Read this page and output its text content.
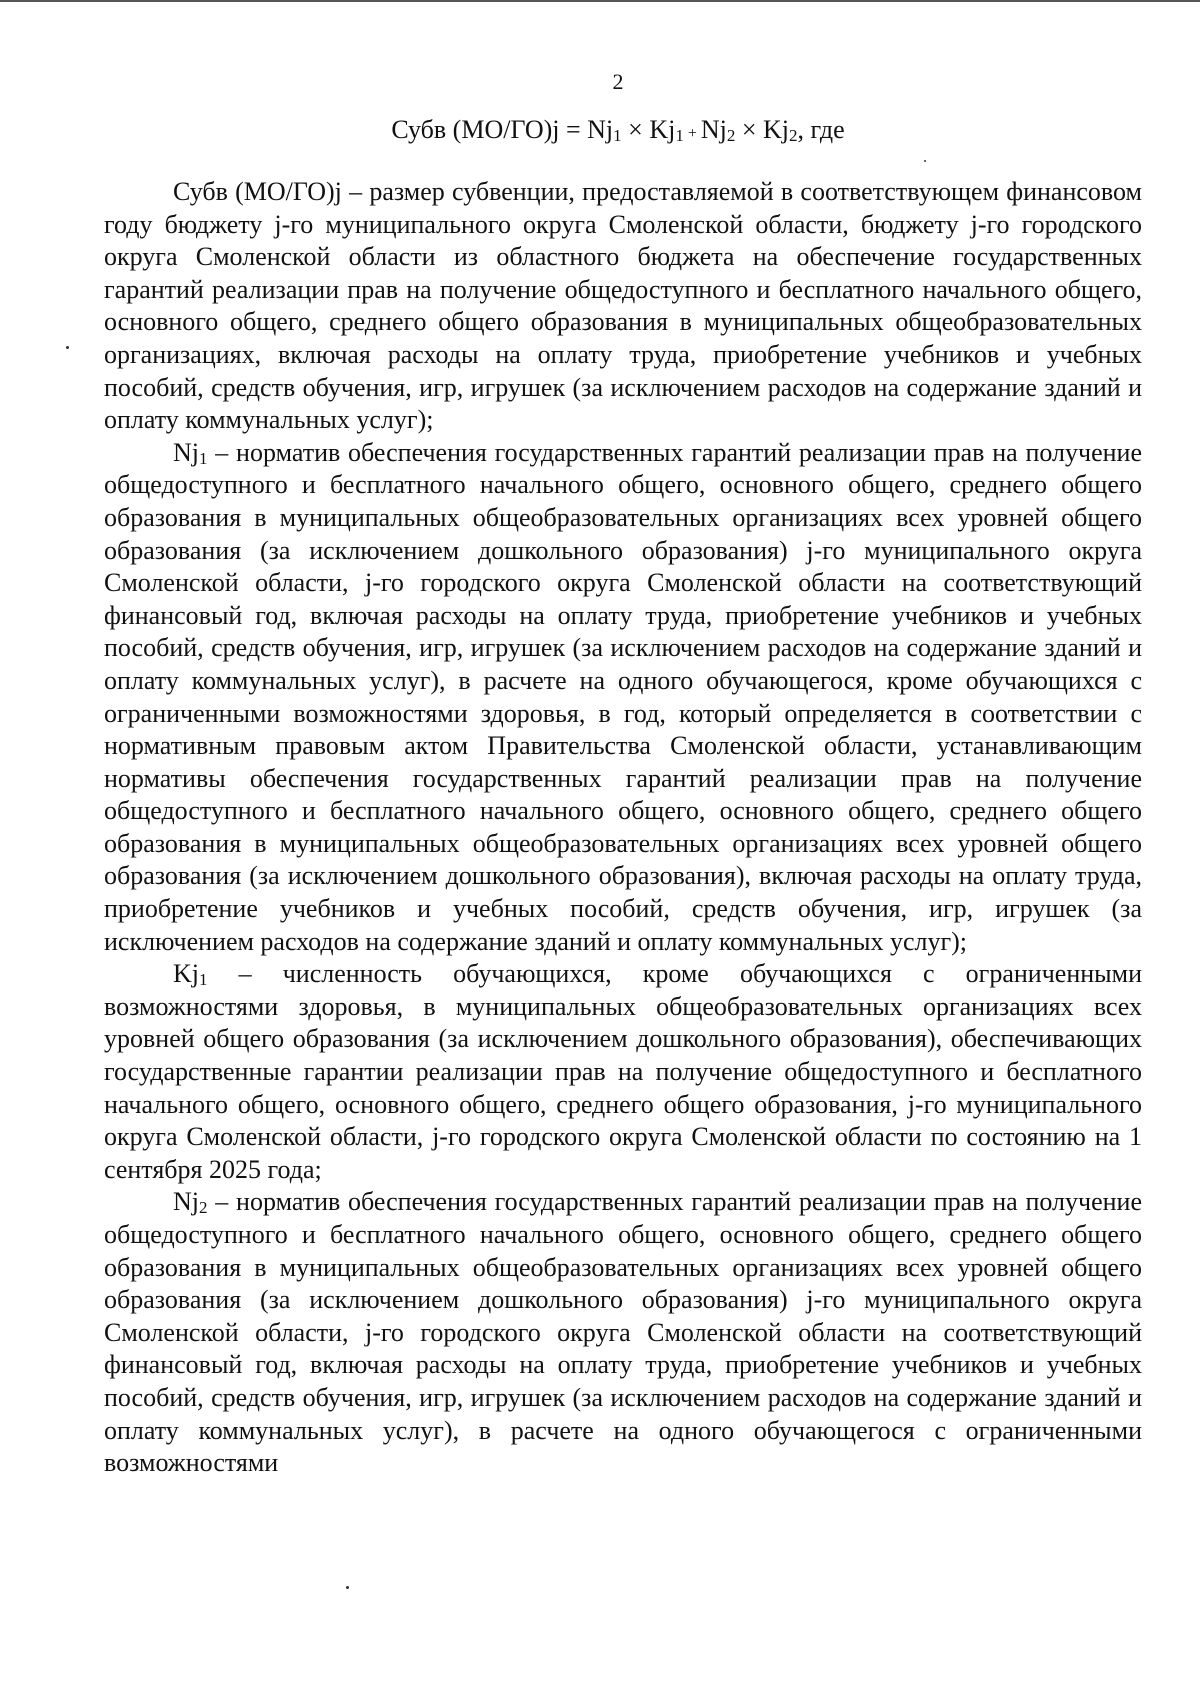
2
Субв $(МО/ГО)j = Nj_1 \times Kj_1 + Nj_2 \times Kj_2$, где

Субв (МО/ГО)j – размер субвенции, предоставляемой в соответствующем финансовом году бюджету j-го муниципального округа Смоленской области, бюджету j-го городского округа Смоленской области из областного бюджета на обеспечение государственных гарантий реализации прав на получение общедоступного и бесплатного начального общего, основного общего, среднего общего образования в муниципальных общеобразовательных организациях, включая расходы на оплату труда, приобретение учебников и учебных пособий, средств обучения, игр, игрушек (за исключением расходов на содержание зданий и оплату коммунальных услуг);

$Nj_1$ – норматив обеспечения государственных гарантий реализации прав на получение общедоступного и бесплатного начального общего, основного общего, среднего общего образования в муниципальных общеобразовательных организациях всех уровней общего образования (за исключением дошкольного образования) j-го муниципального округа Смоленской области, j-го городского округа Смоленской области на соответствующий финансовый год, включая расходы на оплату труда, приобретение учебников и учебных пособий, средств обучения, игр, игрушек (за исключением расходов на содержание зданий и оплату коммунальных услуг), в расчете на одного обучающегося, кроме обучающихся с ограниченными возможностями здоровья, в год, который определяется в соответствии с нормативным правовым актом Правительства Смоленской области, устанавливающим нормативы обеспечения государственных гарантий реализации прав на получение общедоступного и бесплатного начального общего, основного общего, среднего общего образования в муниципальных общеобразовательных организациях всех уровней общего образования (за исключением дошкольного образования), включая расходы на оплату труда, приобретение учебников и учебных пособий, средств обучения, игр, игрушек (за исключением расходов на содержание зданий и оплату коммунальных услуг);

$Kj_1$ – численность обучающихся, кроме обучающихся с ограниченными возможностями здоровья, в муниципальных общеобразовательных организациях всех уровней общего образования (за исключением дошкольного образования), обеспечивающих государственные гарантии реализации прав на получение общедоступного и бесплатного начального общего, основного общего, среднего общего образования, j-го муниципального округа Смоленской области, j-го городского округа Смоленской области по состоянию на 1 сентября 2025 года;

$Nj_2$ – норматив обеспечения государственных гарантий реализации прав на получение общедоступного и бесплатного начального общего, основного общего, среднего общего образования в муниципальных общеобразовательных организациях всех уровней общего образования (за исключением дошкольного образования) j-го муниципального округа Смоленской области, j-го городского округа Смоленской области на соответствующий финансовый год, включая расходы на оплату труда, приобретение учебников и учебных пособий, средств обучения, игр, игрушек (за исключением расходов на содержание зданий и оплату коммунальных услуг), в расчете на одного обучающегося с ограниченными возможностями
